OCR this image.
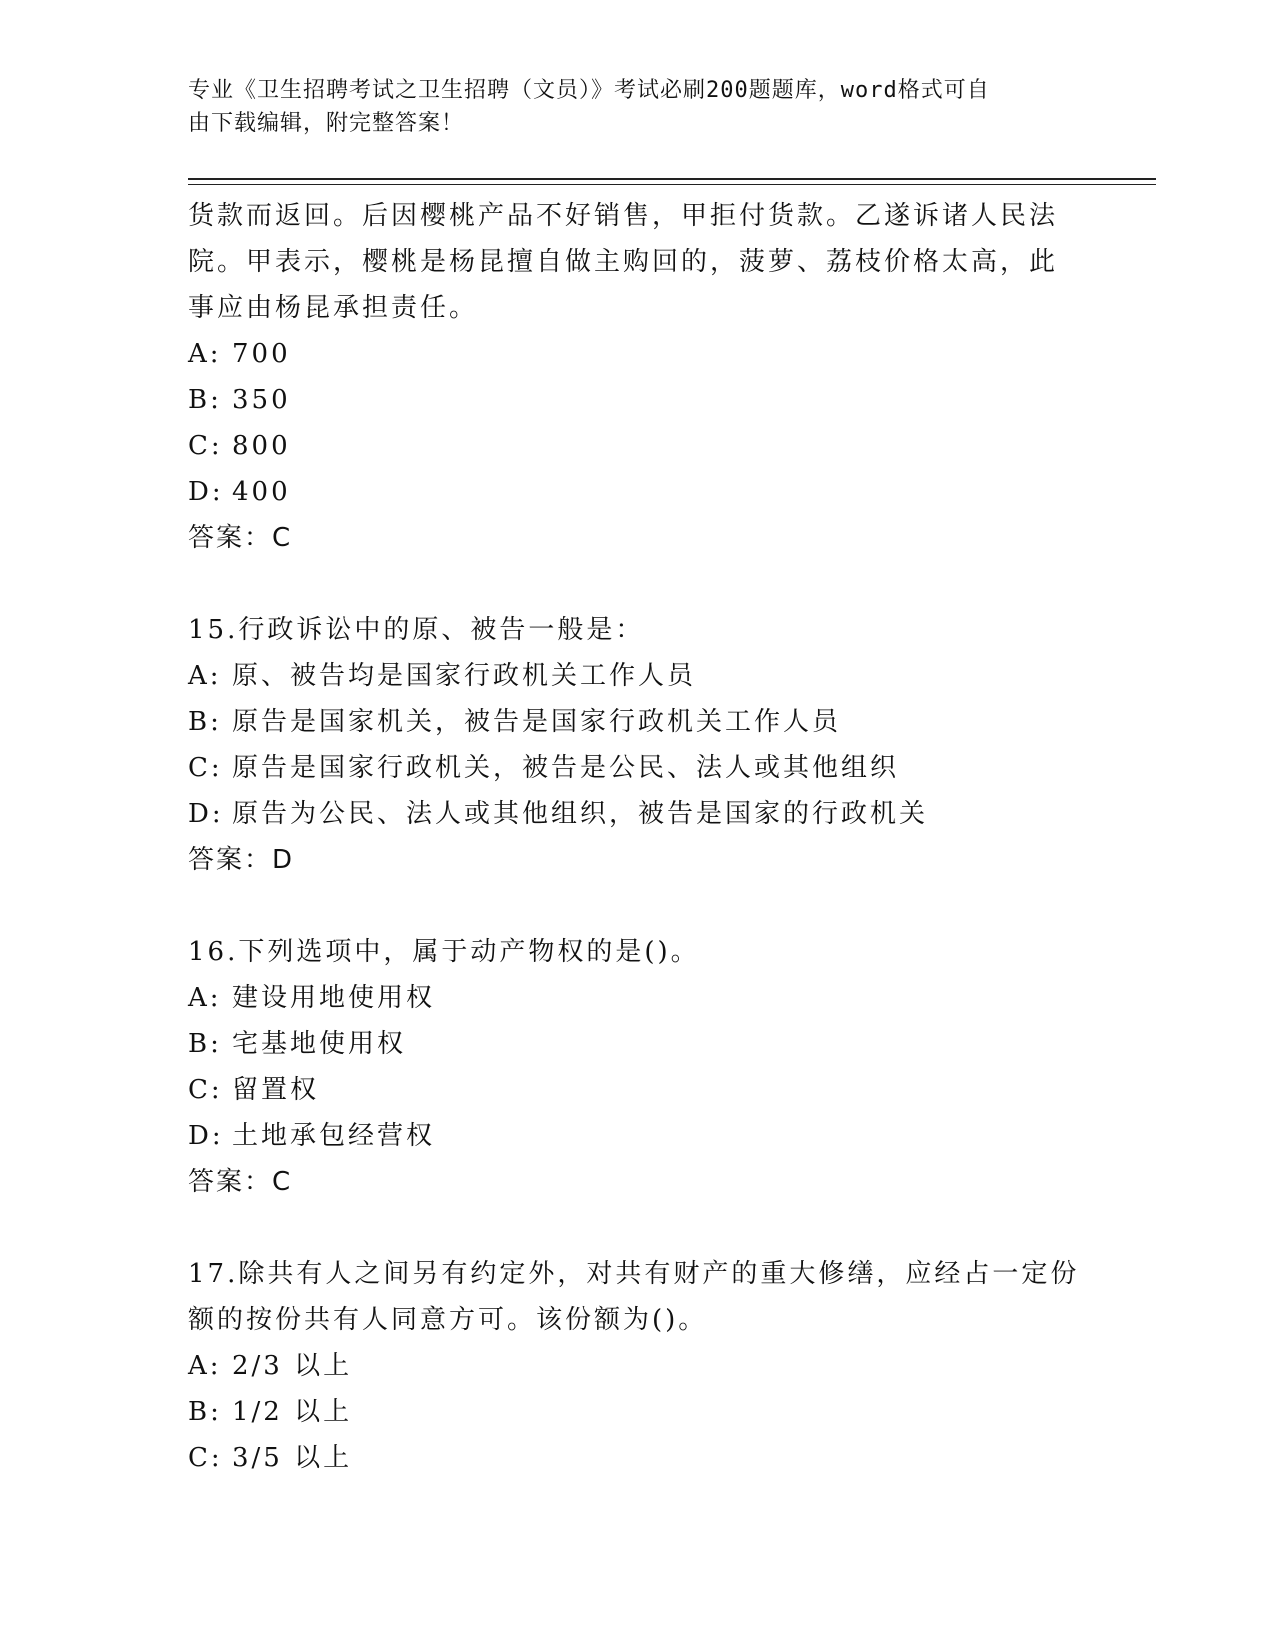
专业《卫生招聘考试之卫生招聘（文员）》考试必刷200题题库，word格式可自
由下载编辑，附完整答案！
货款而返回。后因樱桃产品不好销售，甲拒付货款。乙遂诉诸人民法
院。甲表示，樱桃是杨昆擅自做主购回的，菠萝、荔枝价格太高，此
事应由杨昆承担责任。
A: 700
B: 350
C: 800
D: 400
答案：C
15.行政诉讼中的原、被告一般是：
A: 原、被告均是国家行政机关工作人员
B: 原告是国家机关，被告是国家行政机关工作人员
C: 原告是国家行政机关，被告是公民、法人或其他组织
D: 原告为公民、法人或其他组织，被告是国家的行政机关
答案：D
16.下列选项中，属于动产物权的是()。
A: 建设用地使用权
B: 宅基地使用权
C: 留置权
D: 土地承包经营权
答案：C
17.除共有人之间另有约定外，对共有财产的重大修缮，应经占一定份
额的按份共有人同意方可。该份额为()。
A: 2/3 以上
B: 1/2 以上
C: 3/5 以上
